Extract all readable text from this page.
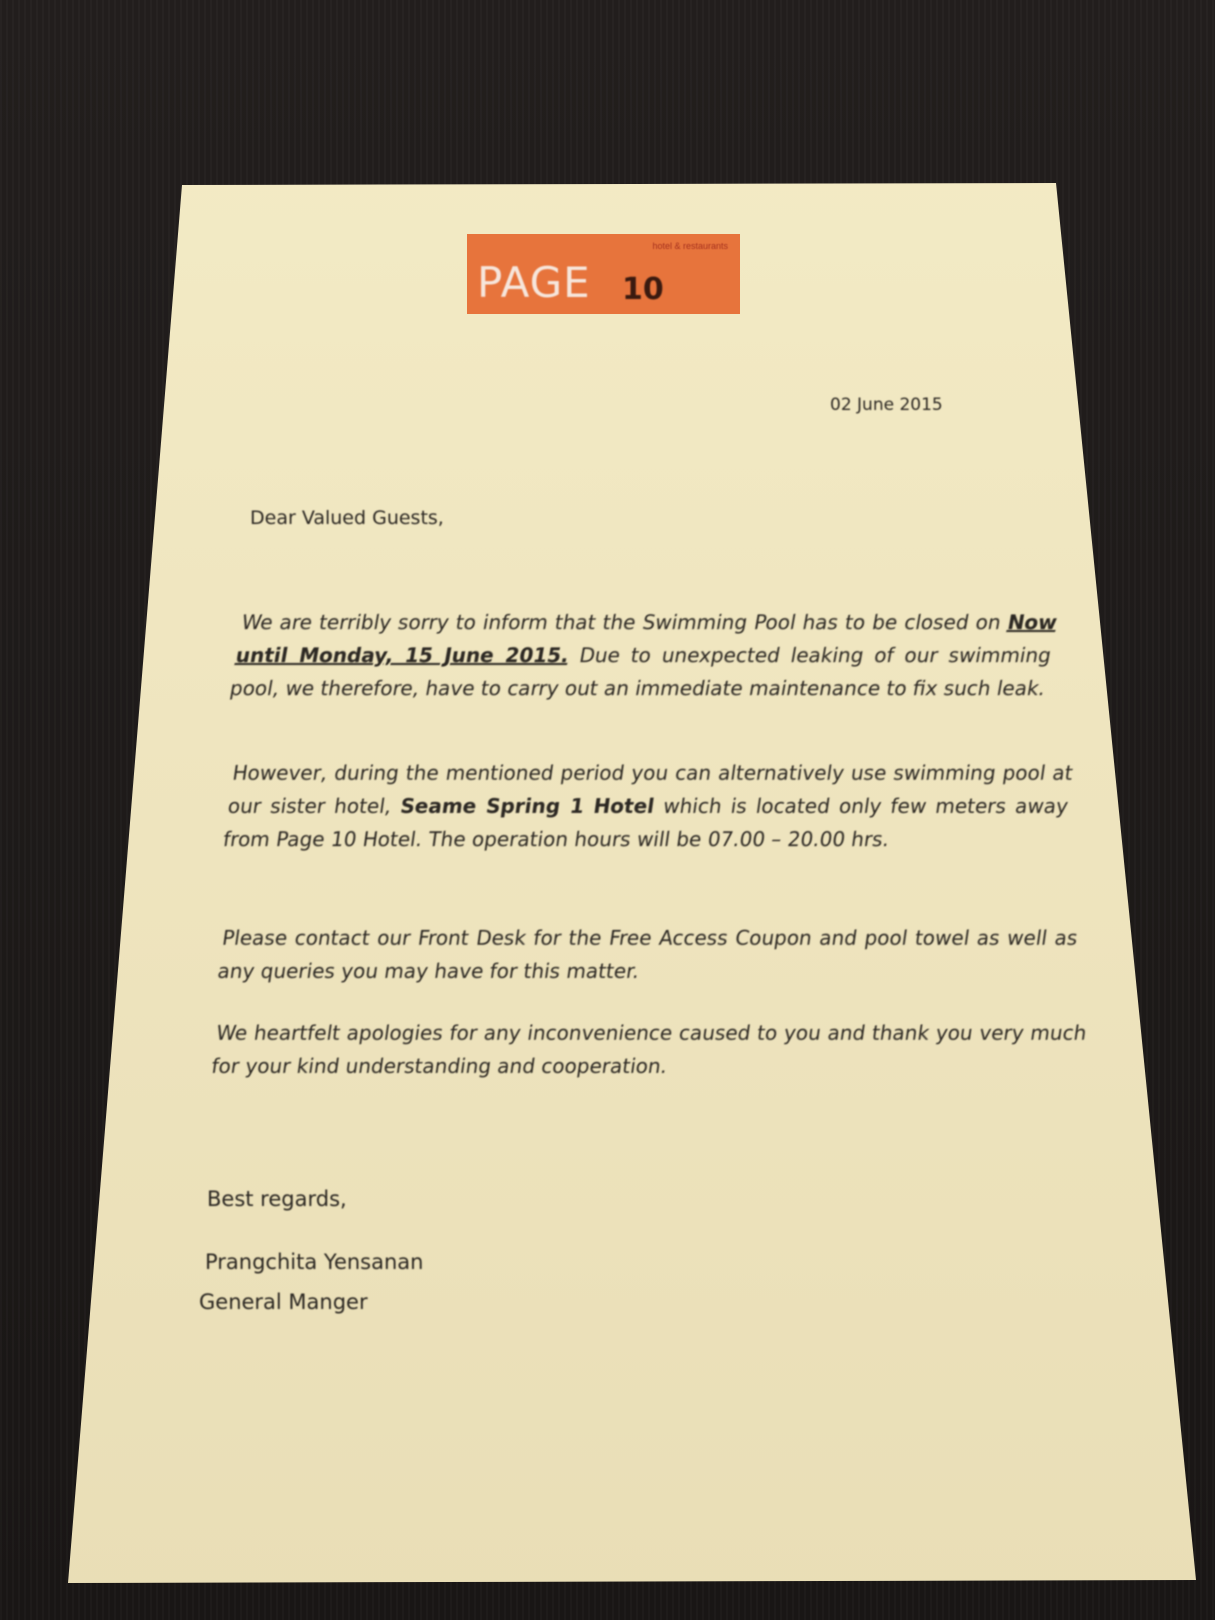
hotel & restaurants
PAGE 10
02 June 2015
Dear Valued Guests,
We are terribly sorry to inform that the Swimming Pool has to be closed on Now until Monday, 15 June 2015. Due to unexpected leaking of our swimming pool, we therefore, have to carry out an immediate maintenance to fix such leak.
However, during the mentioned period you can alternatively use swimming pool at our sister hotel, Seame Spring 1 Hotel which is located only few meters away from Page 10 Hotel. The operation hours will be 07.00 – 20.00 hrs.
Please contact our Front Desk for the Free Access Coupon and pool towel as well as any queries you may have for this matter.
We heartfelt apologies for any inconvenience caused to you and thank you very much for your kind understanding and cooperation.
Best regards,
Prangchita Yensanan
General Manger
